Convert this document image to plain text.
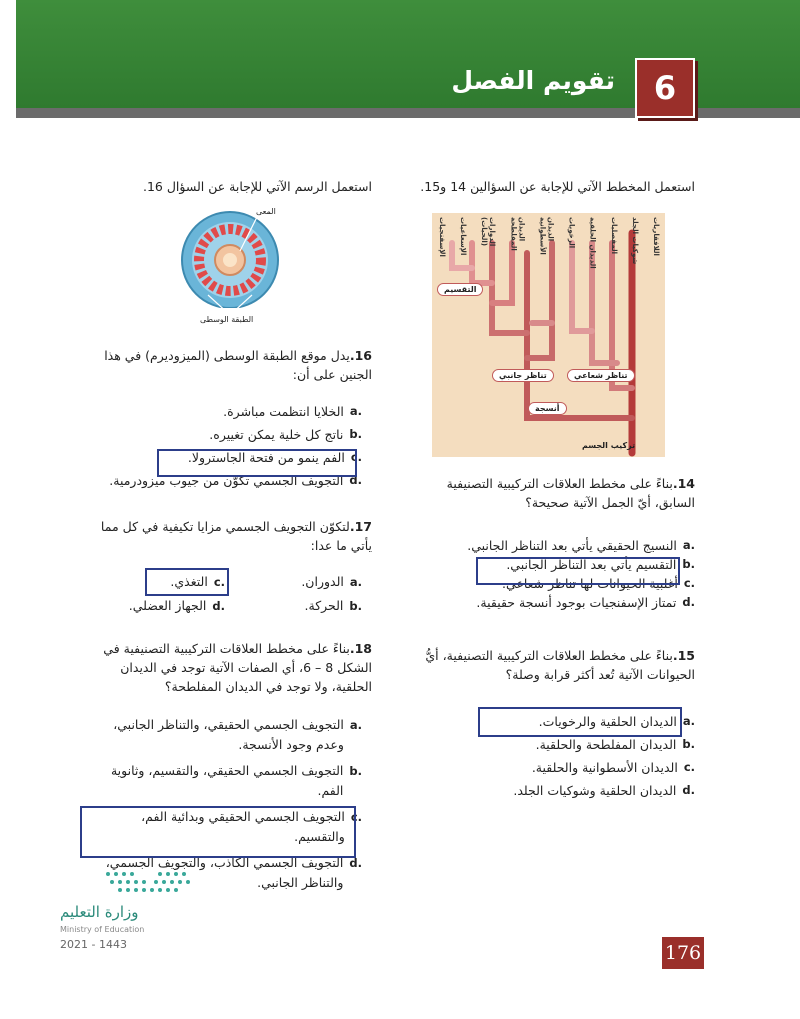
تقويم الفصل 6
استعمل المخطط الآتي للإجابة عن السؤالين 14 و15.
اللافقاريات
شوكيات الجلد
المفصليات
الديدان الحلقية
الرخويات
الديدان الأسطوانية
الديدان المفلطحة
الدوارات (الحيات)
الإسعاعيات
الإسفنجيات
التقسيم
تناظر شعاعي
تناظر جانبي
أنسجة
تركيب الجسم
14.بناءً على مخطط العلاقات التركيبية التصنيفية السابق، أيّ الجمل الآتية صحيحة؟
a.
النسيج الحقيقي يأتي بعد التناظر الجانبي.
b.
التقسيم يأتي بعد التناظر الجانبي.
c.
أغلبية الحيوانات لها تناظر شعاعي.
d.
تمتاز الإسفنجيات بوجود أنسجة حقيقية.
15.بناءً على مخطط العلاقات التركيبية التصنيفية، أيُّ الحيوانات الآتية تُعد أكثر قرابة وصلة؟
a.
الديدان الحلقية والرخويات.
b.
الديدان المفلطحة والحلقية.
c.
الديدان الأسطوانية والحلقية.
d.
الديدان الحلقية وشوكيات الجلد.
استعمل الرسم الآتي للإجابة عن السؤال 16.
المعى
الطبقة الوسطى
16.يدل موقع الطبقة الوسطى (الميزوديرم) في هذا الجنين على أن:
a.
الخلايا انتظمت مباشرة.
b.
ناتج كل خلية يمكن تغييره.
c.
الفم ينمو من فتحة الجاسترولا.
d.
التجويف الجسمي تكوّن من جيوب ميزودرمية.
17.لتكوّن التجويف الجسمي مزايا تكيفية في كل مما يأتي ما عدا:
a.
الدوران.
c.
التغذي.
b.
الحركة.
d.
الجهاز العضلي.
18.بناءً على مخطط العلاقات التركيبية التصنيفية في
الشكل 8 – 6، أي الصفات الآتية توجد في الديدان الحلقية، ولا توجد في الديدان المفلطحة؟
a.
التجويف الجسمي الحقيقي، والتناظر الجانبي، وعدم وجود الأنسجة.
b.
التجويف الجسمي الحقيقي، والتقسيم، وثانوية الفم.
c.
التجويف الجسمي الحقيقي وبدائية الفم، والتقسيم.
d.
التجويف الجسمي الكاذب، والتجويف الجسمي، والتناظر الجانبي.
وزارة التعليم
Ministry of Education
2021 - 1443	176
